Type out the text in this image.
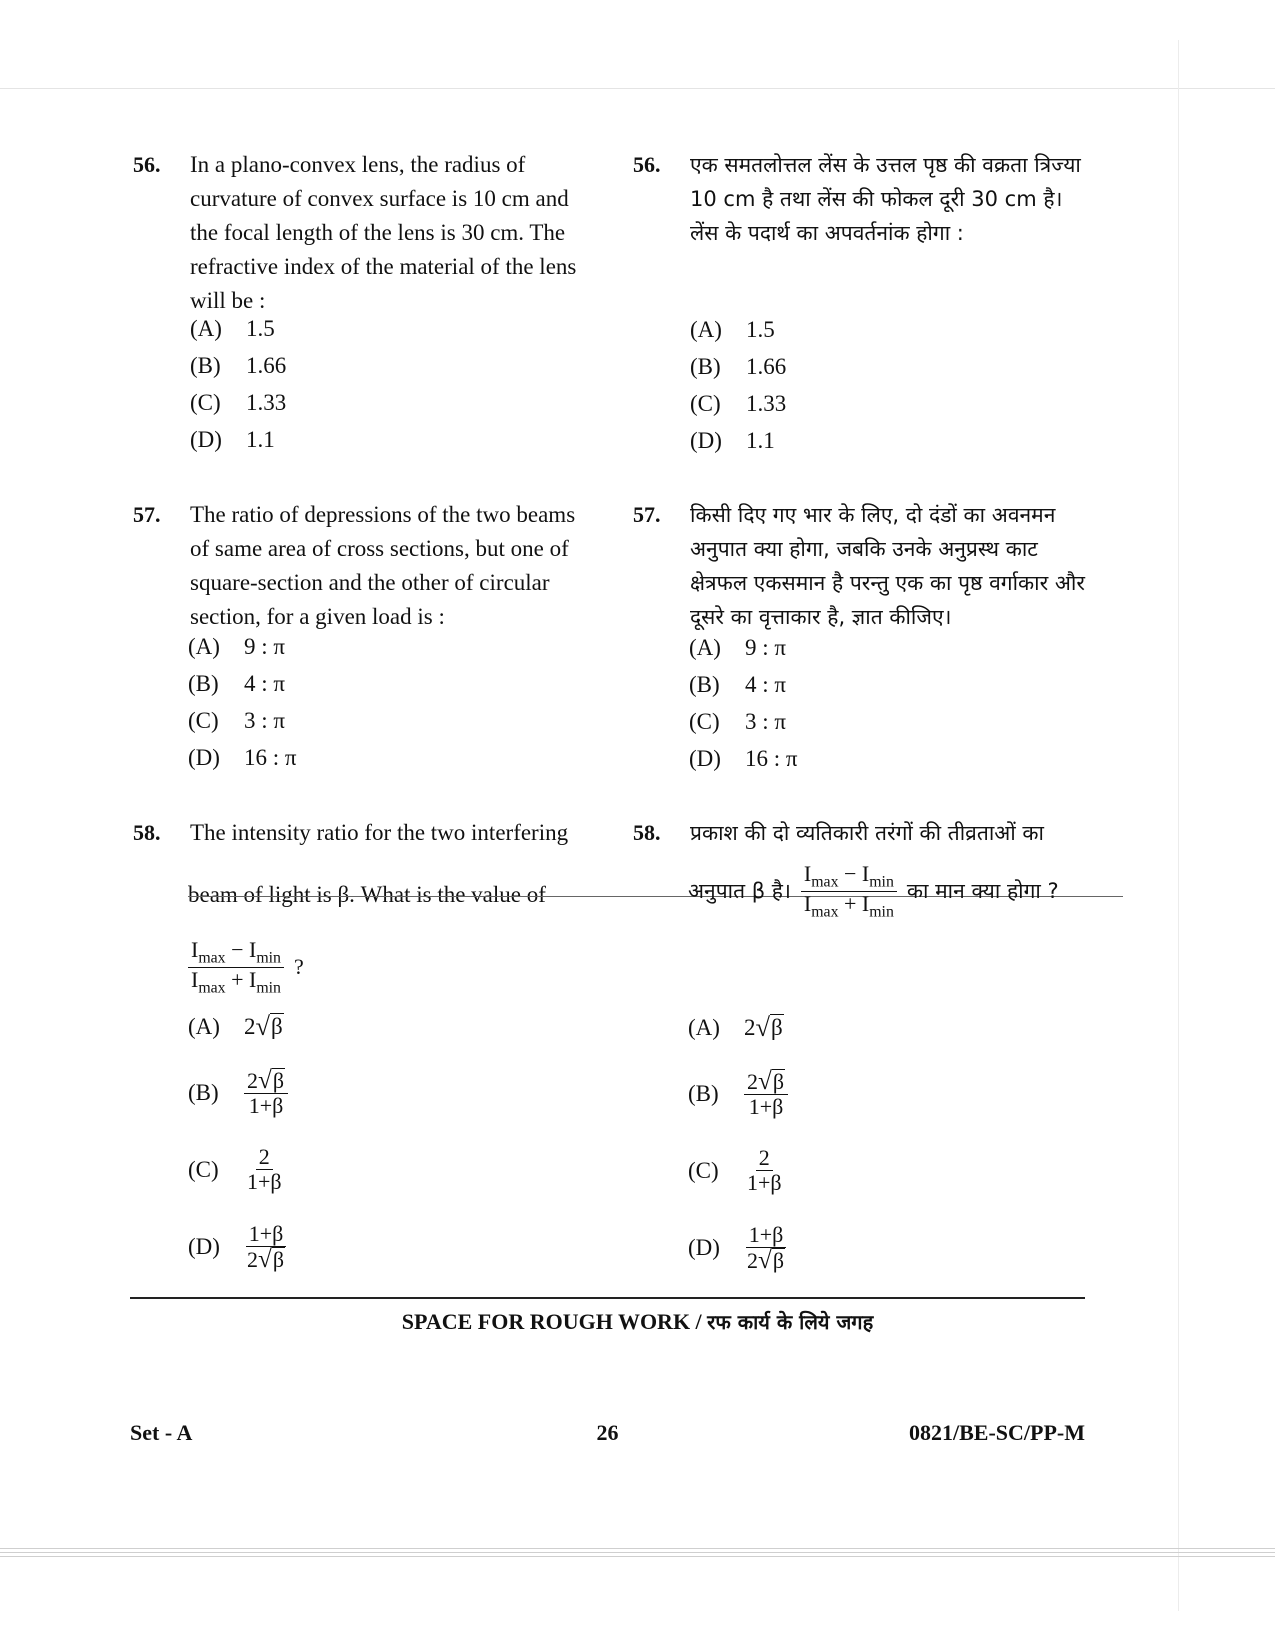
56. In a plano-convex lens, the radius of curvature of convex surface is 10 cm and the focal length of the lens is 30 cm. The refractive index of the material of the lens will be :

(A)	1.5
(B)	1.66
(C)	1.33
(D)	1.1
56. एक समतलोत्तल लेंस के उत्तल पृष्ठ की वक्रता त्रिज्या 10 cm है तथा लेंस की फोकल दूरी 30 cm है। लेंस के पदार्थ का अपवर्तनांक होगा :

(A)	1.5
(B)	1.66
(C)	1.33
(D)	1.1
57. The ratio of depressions of the two beams of same area of cross sections, but one of square-section and the other of circular section, for a given load is :

(A)	9 : π
(B)	4 : π
(C)	3 : π
(D)	16 : π
57. किसी दिए गए भार के लिए, दो दंडों का अवनमन अनुपात क्या होगा, जबकि उनके अनुप्रस्थ काट क्षेत्रफल एकसमान है परन्तु एक का पृष्ठ वर्गाकार और दूसरे का वृत्ताकार है, ज्ञात कीजिए।

(A)	9 : π
(B)	4 : π
(C)	3 : π
(D)	16 : π
58. The intensity ratio for the two interfering

beam of light is β. What is the value of
$\frac{I_{max} - I_{min}}{I_{max} + I_{min}}$ ?
(A)	2 √ β
(B)	$\frac{2 √ \beta}{1+\beta}$
(C)	$\frac{2}{1+\beta}$
(D)	$\frac{1+\beta}{2 √ \beta}$
58. प्रकाश की दो व्यतिकारी तरंगों की तीव्रताओं का

अनुपात β है। $\frac{I_{max} - I_{min}}{I_{max} + I_{min}}$ का मान क्या होगा ?
(A)	2 √ β
(B)	$\frac{2 √ \beta}{1+\beta}$
(C)	$\frac{2}{1+\beta}$
(D)	$\frac{1+\beta}{2 √ \beta}$
SPACE FOR ROUGH WORK / रफ कार्य के लिये जगह
Set - A	26	0821/BE-SC/PP-M
